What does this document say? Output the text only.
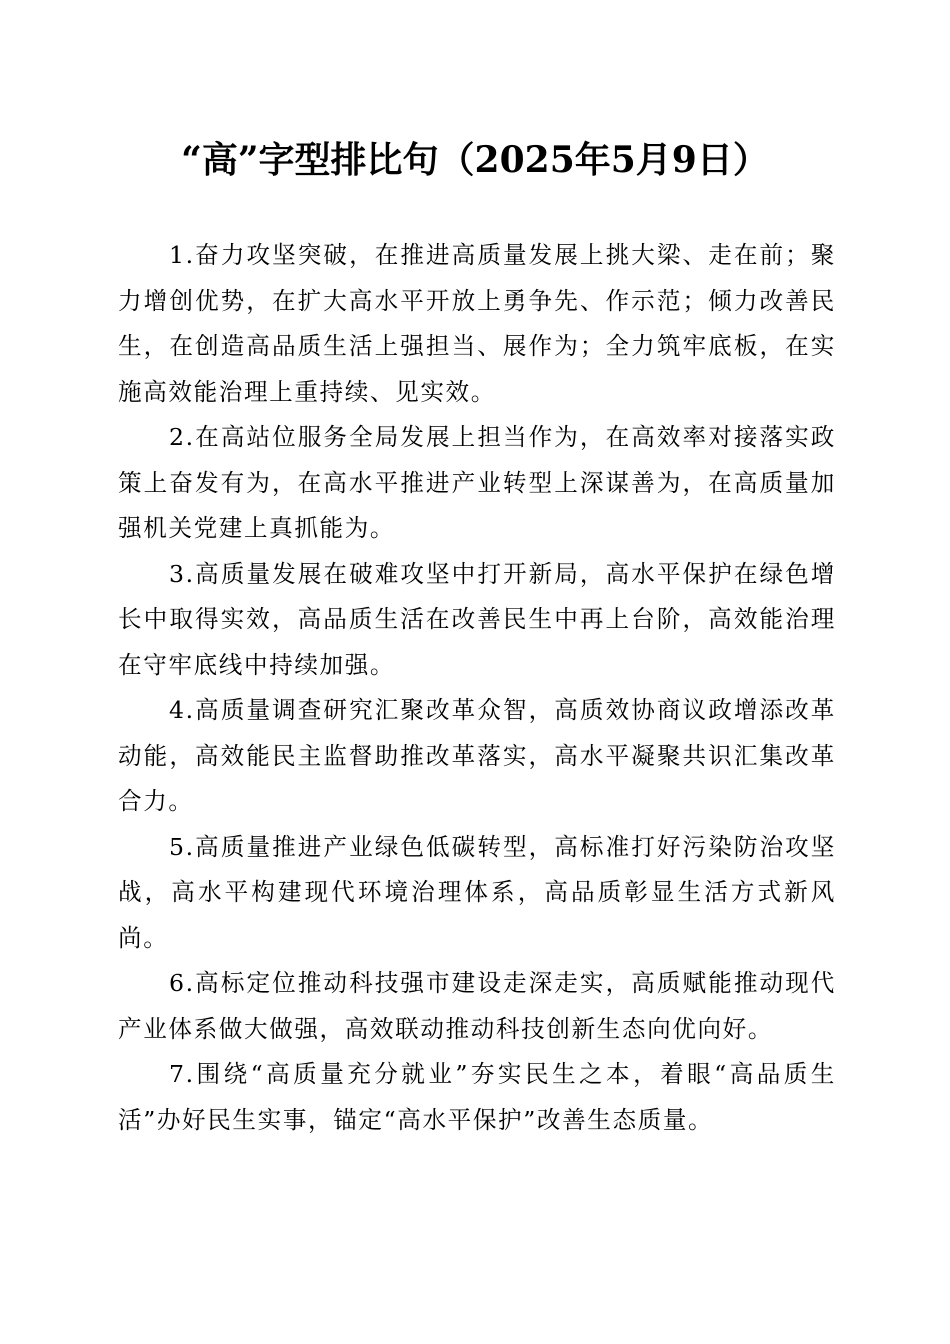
“高”字型排比句（2025年5月9日）

1.奋力攻坚突破，在推进高质量发展上挑大梁、走在前；聚力增创优势，在扩大高水平开放上勇争先、作示范；倾力改善民生，在创造高品质生活上强担当、展作为；全力筑牢底板，在实施高效能治理上重持续、见实效。

2.在高站位服务全局发展上担当作为，在高效率对接落实政策上奋发有为，在高水平推进产业转型上深谋善为，在高质量加强机关党建上真抓能为。

3.高质量发展在破难攻坚中打开新局，高水平保护在绿色增长中取得实效，高品质生活在改善民生中再上台阶，高效能治理在守牢底线中持续加强。

4.高质量调查研究汇聚改革众智，高质效协商议政增添改革动能，高效能民主监督助推改革落实，高水平凝聚共识汇集改革合力。

5.高质量推进产业绿色低碳转型，高标准打好污染防治攻坚战，高水平构建现代环境治理体系，高品质彰显生活方式新风尚。

6.高标定位推动科技强市建设走深走实，高质赋能推动现代产业体系做大做强，高效联动推动科技创新生态向优向好。

7.围绕“高质量充分就业”夯实民生之本，着眼“高品质生活”办好民生实事，锚定“高水平保护”改善生态质量。
